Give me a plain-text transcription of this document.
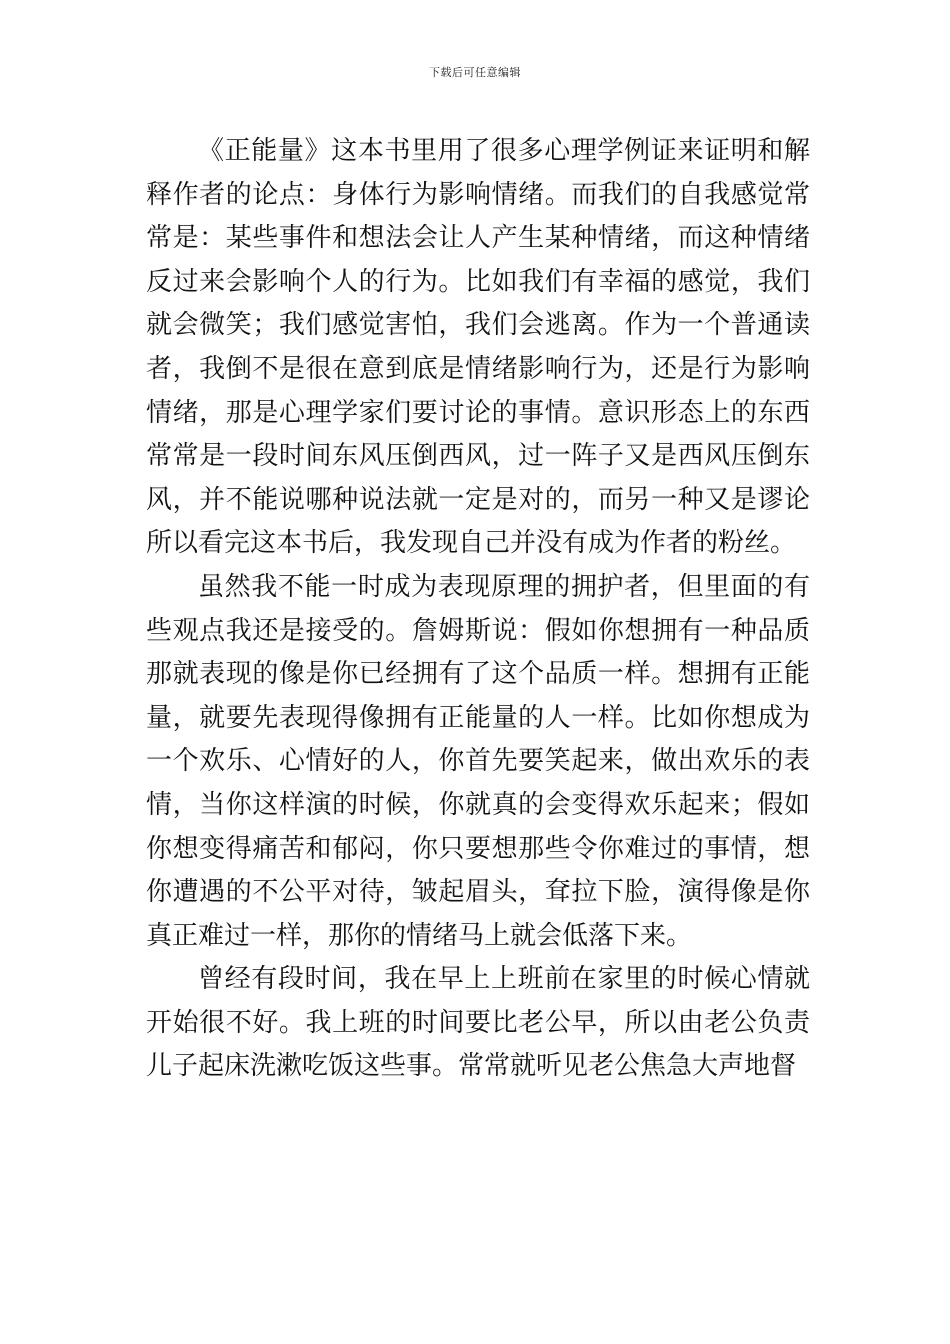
下载后可任意编辑

《正能量》这本书里用了很多心理学例证来证明和解释作者的论点：身体行为影响情绪。而我们的自我感觉常常是：某些事件和想法会让人产生某种情绪，而这种情绪反过来会影响个人的行为。比如我们有幸福的感觉，我们就会微笑；我们感觉害怕，我们会逃离。作为一个普通读者，我倒不是很在意到底是情绪影响行为，还是行为影响情绪，那是心理学家们要讨论的事情。意识形态上的东西常常是一段时间东风压倒西风，过一阵子又是西风压倒东风，并不能说哪种说法就一定是对的，而另一种又是谬论所以看完这本书后，我发现自己并没有成为作者的粉丝。

虽然我不能一时成为表现原理的拥护者，但里面的有些观点我还是接受的。詹姆斯说：假如你想拥有一种品质那就表现的像是你已经拥有了这个品质一样。想拥有正能量，就要先表现得像拥有正能量的人一样。比如你想成为一个欢乐、心情好的人，你首先要笑起来，做出欢乐的表情，当你这样演的时候，你就真的会变得欢乐起来；假如你想变得痛苦和郁闷，你只要想那些令你难过的事情，想你遭遇的不公平对待，皱起眉头，耷拉下脸，演得像是你真正难过一样，那你的情绪马上就会低落下来。

曾经有段时间，我在早上上班前在家里的时候心情就开始很不好。我上班的时间要比老公早，所以由老公负责儿子起床洗漱吃饭这些事。常常就听见老公焦急大声地督
